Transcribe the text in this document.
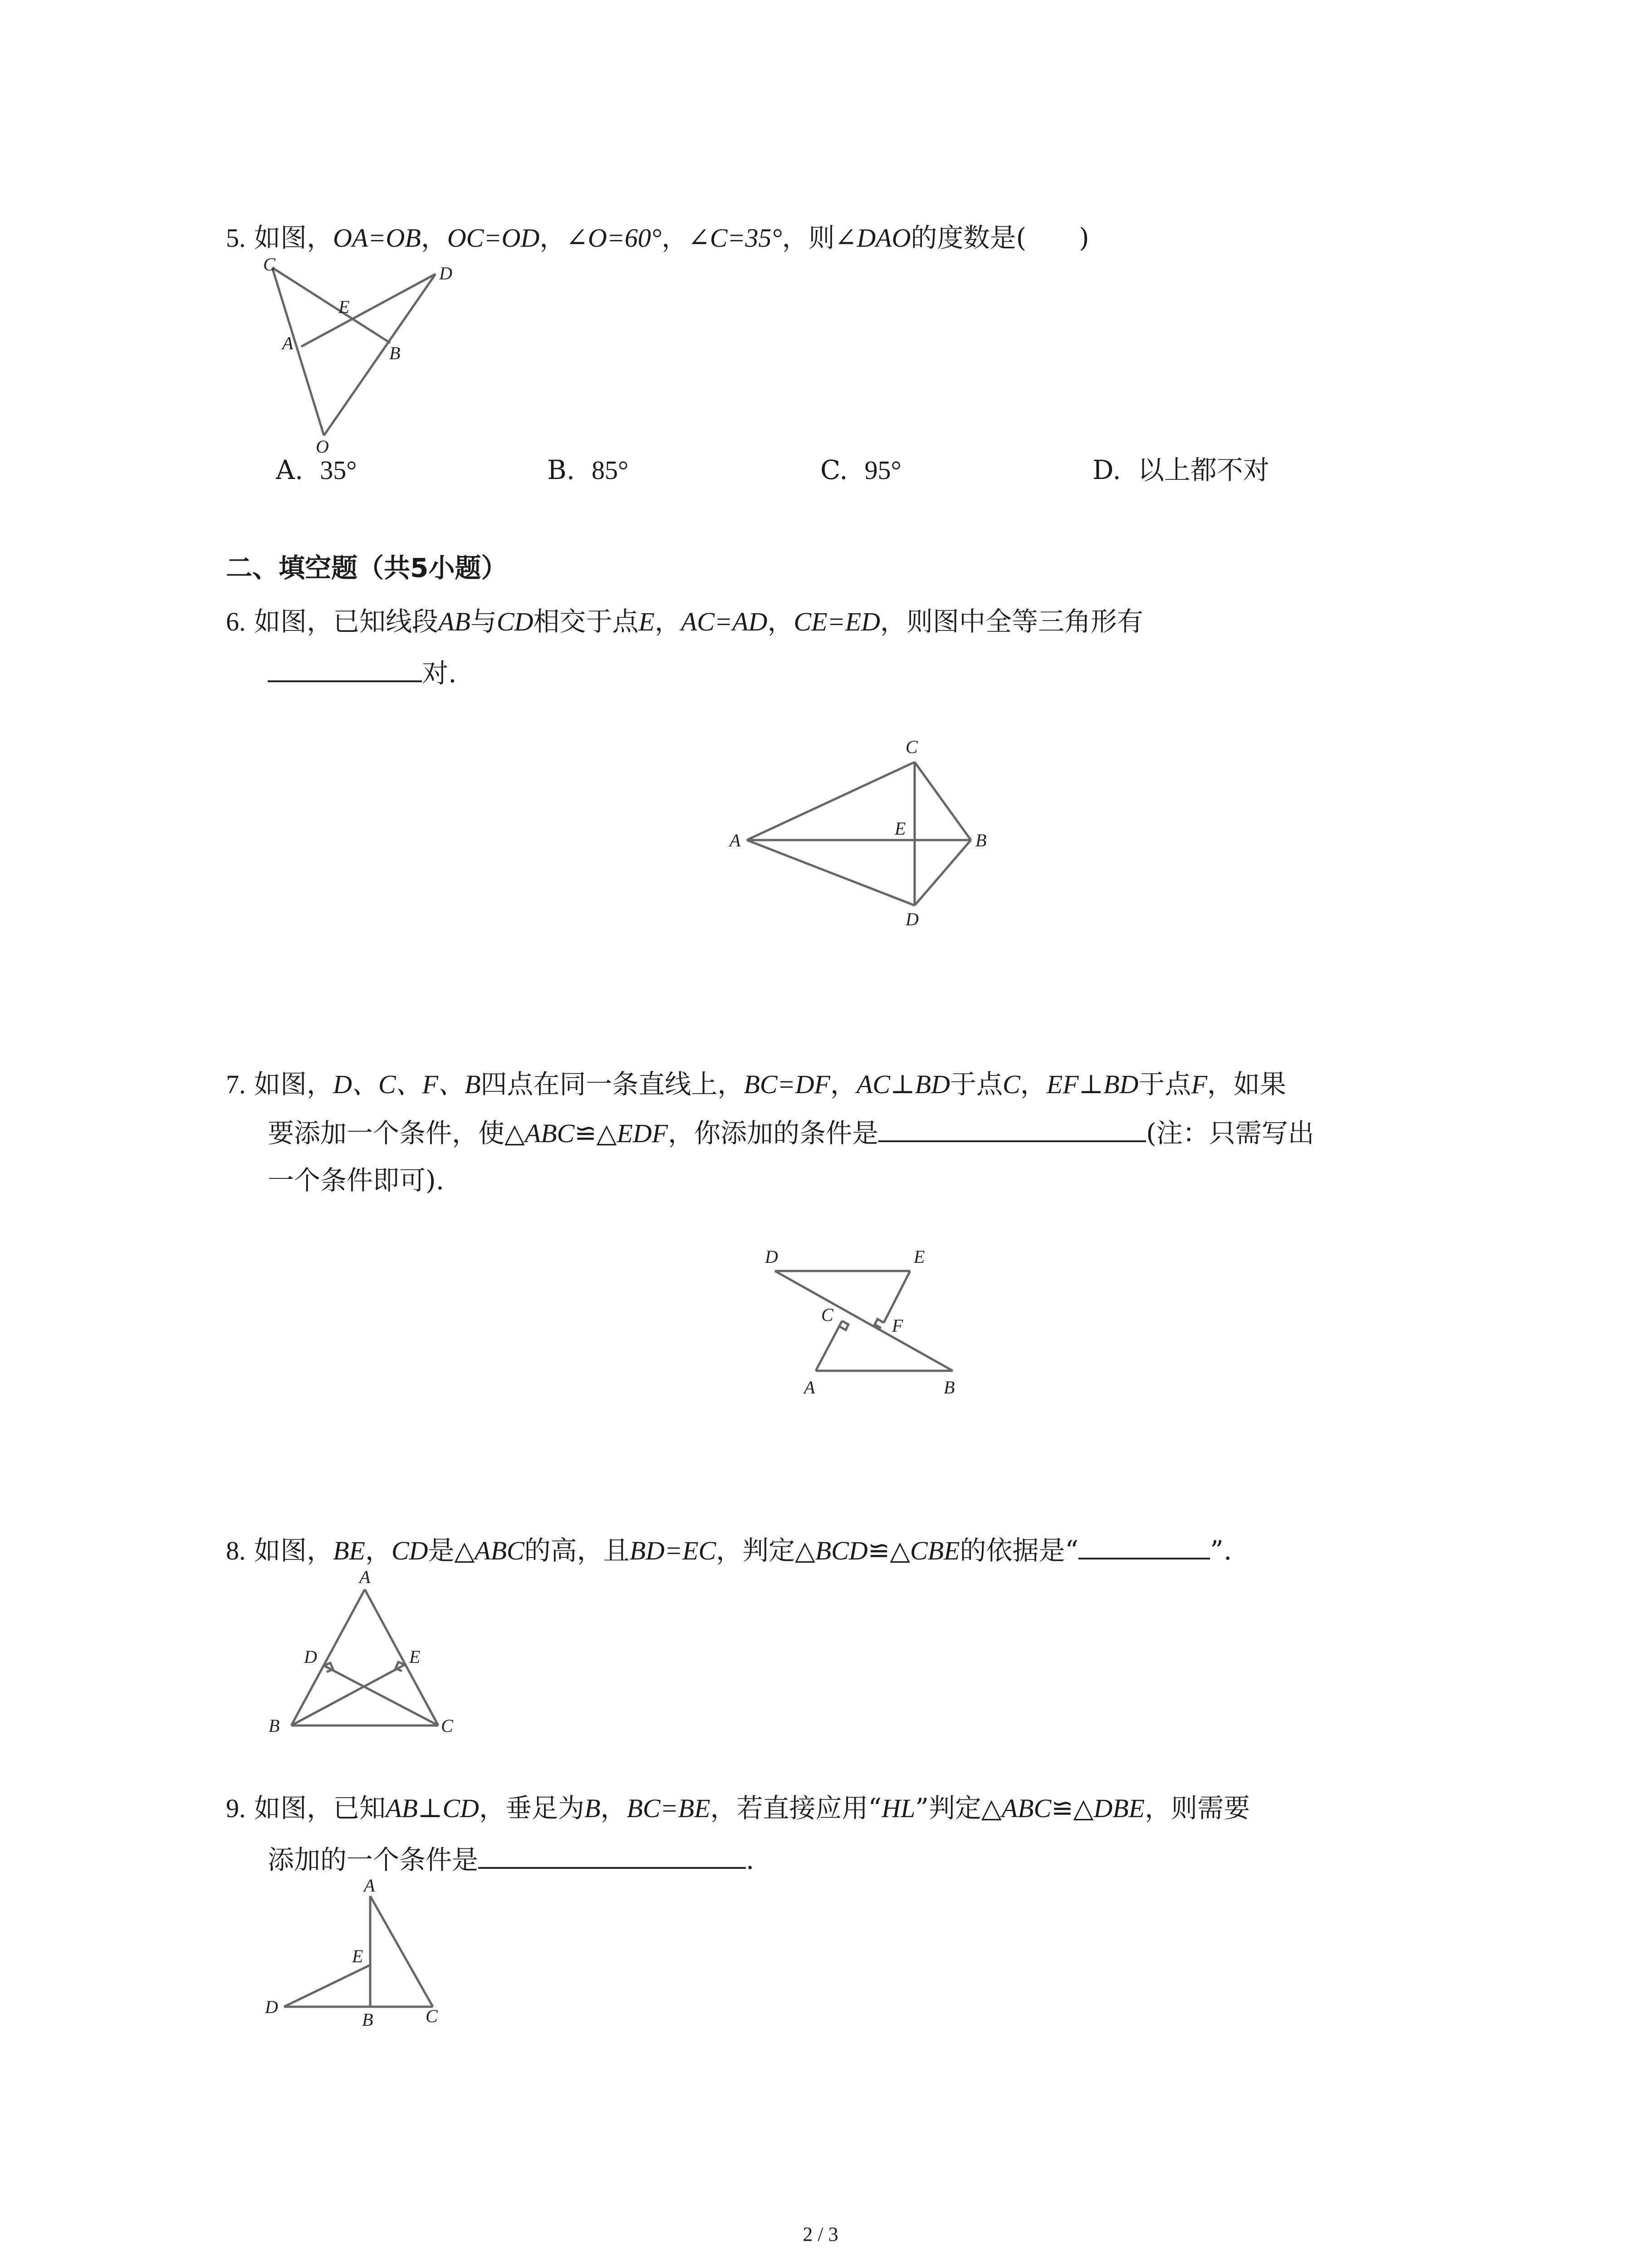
5. 如图，OA=OB，OC=OD，∠O=60°，∠C=35°，则∠DAO的度数是(　　)
C	D
E
A	B
O
A. 35°	B. 85°	C. 95°	D. 以上都不对
二、填空题（共5小题）
6. 如图，已知线段AB与CD相交于点E，AC=AD，CE=ED，则图中全等三角形有
对.
C
A
E
B
D
7. 如图，D、C、F、B四点在同一条直线上，BC=DF，AC⊥BD于点C，EF⊥BD于点F，如果
要添加一个条件，使△ABC≌△EDF，你添加的条件是	(注：只需写出
一个条件即可).
D	E
C
F
A	B
8. 如图，BE，CD是△ABC的高，且BD=EC，判定△BCD≌△CBE的依据是“	”.
A
D	E
B	C
9. 如图，已知AB⊥CD，垂足为B，BC=BE，若直接应用“HL”判定△ABC≌△DBE，则需要
添加的一个条件是	.
A
E
D
B	C
2 / 3
